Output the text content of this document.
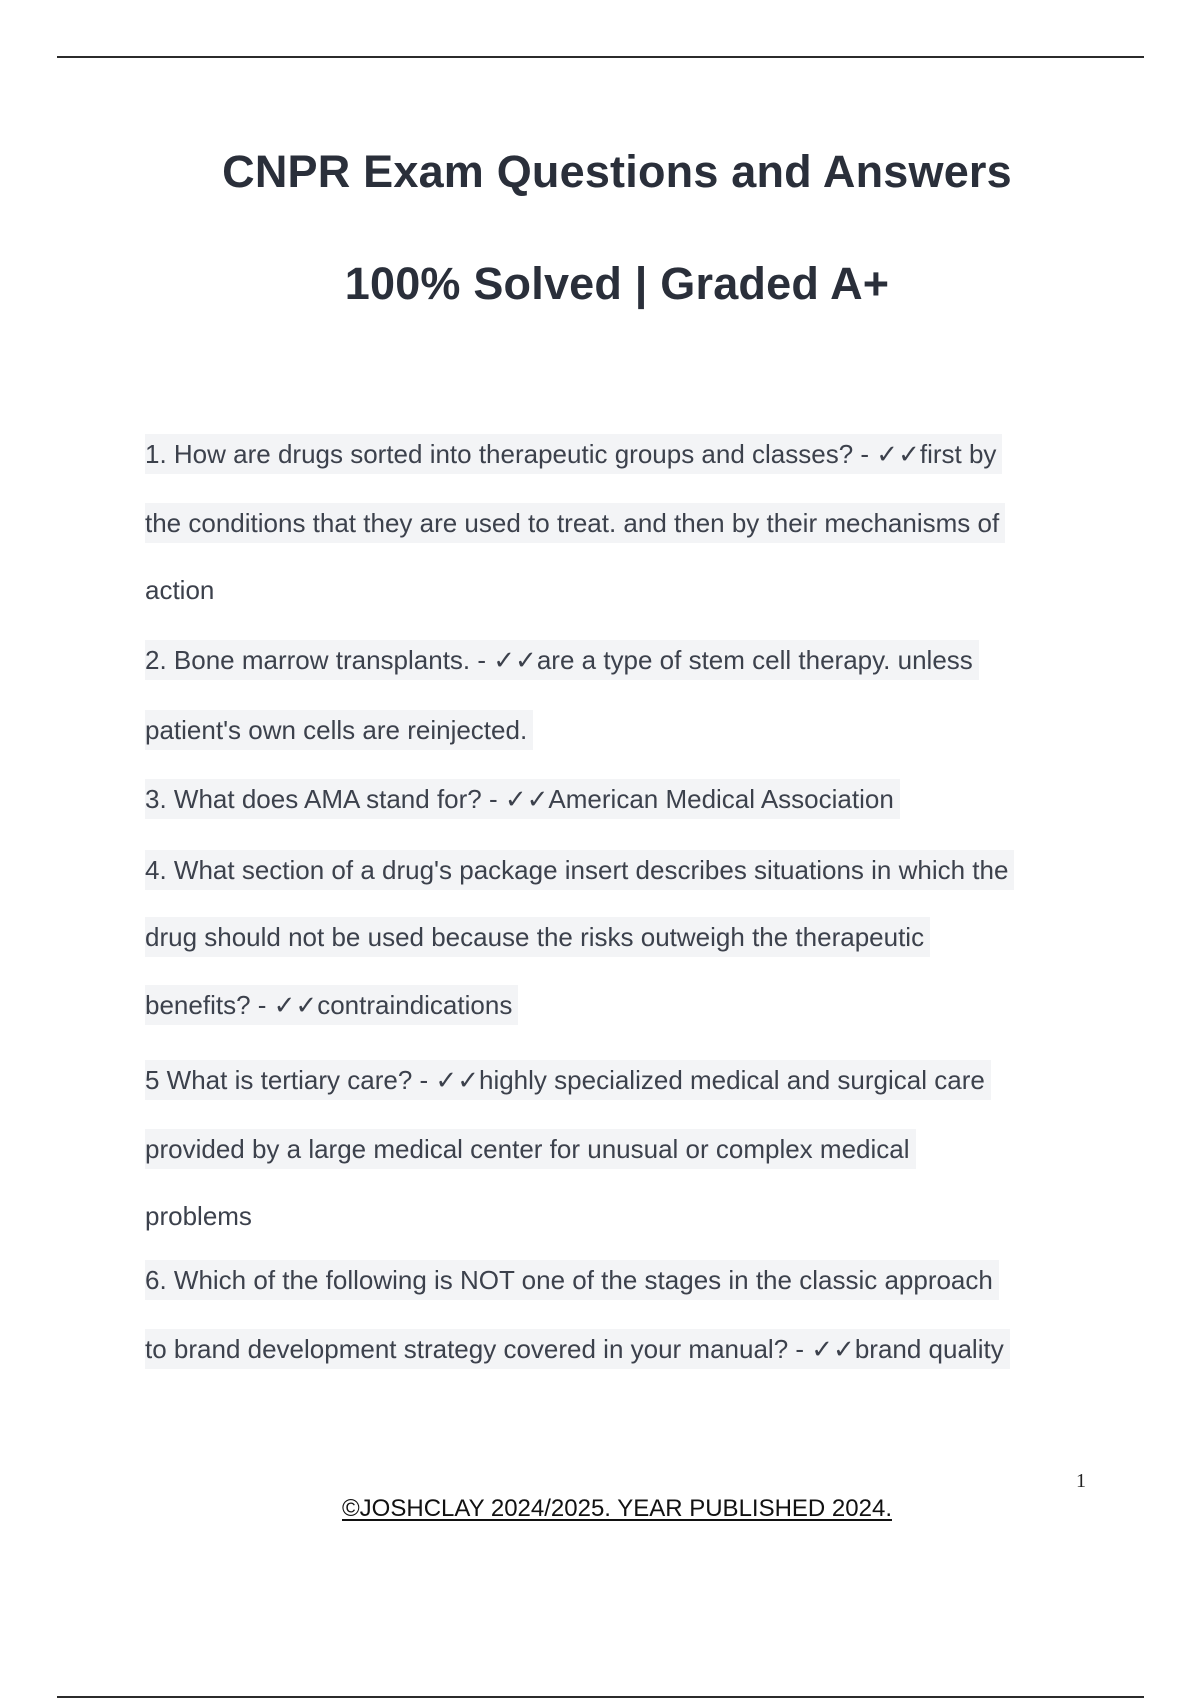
CNPR Exam Questions and Answers
100% Solved | Graded A+
1. How are drugs sorted into therapeutic groups and classes? - ✓✓first by
the conditions that they are used to treat. and then by their mechanisms of
action
2. Bone marrow transplants. - ✓✓are a type of stem cell therapy. unless
patient's own cells are reinjected.
3. What does AMA stand for? - ✓✓American Medical Association
4. What section of a drug's package insert describes situations in which the
drug should not be used because the risks outweigh the therapeutic
benefits? - ✓✓contraindications
5 What is tertiary care? - ✓✓highly specialized medical and surgical care
provided by a large medical center for unusual or complex medical
problems
6. Which of the following is NOT one of the stages in the classic approach
to brand development strategy covered in your manual? - ✓✓brand quality
1
©JOSHCLAY 2024/2025. YEAR PUBLISHED 2024.
